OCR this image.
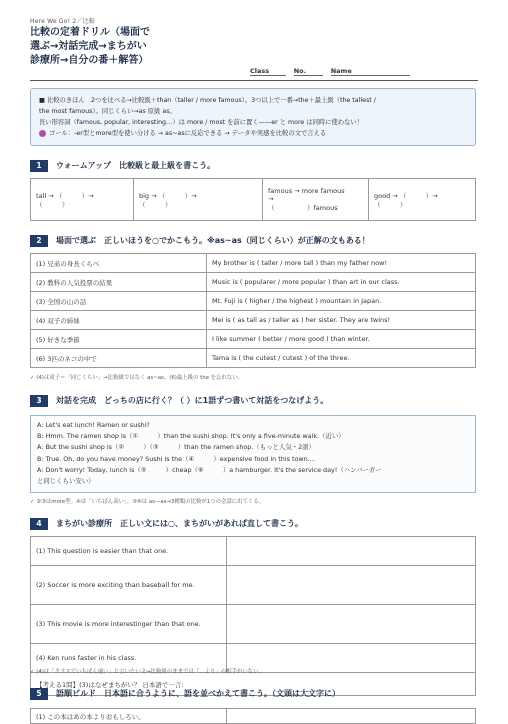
Here We Go! 2／比較
比較の定着ドリル（場面で
選ぶ→対話完成→まちがい
診療所→自分の番＋解答）
Class	No.	Name
■ 比較のきほん　2つを比べる→比較級＋than（taller / more famous）。3つ以上で一番→the＋最上級（the tallest /
the most famous）。同じくらい→as 原級 as。
長い形容詞（famous, popular, interesting…）は more / most を前に置く——er と more は同時に使わない！
ゴール：-er型とmore型を使い分ける → as~asに反応できる → データや実感を比較の文で言える
1 ウォームアップ　比較級と最上級を書こう。
tall → （　　　）→
（　　　）

big → （　　　）→
（　　　）

famous → more famous
→
（　　　　　）famous

good → （　　　）→
（　　　）
2 場面で選ぶ　正しいほうを○でかこもう。※as~as（同じくらい）が正解の文もある！
(1) 兄弟の身長くらべ	My brother is ( taller / more tall ) than my father now!
(2) 教科の人気投票の結果	Music is ( popularer / more popular ) than art in our class.
(3) 全国の山の話	Mt. Fuji is ( higher / the highest ) mountain in Japan.
(4) 双子の姉妹	Mei is ( as tall as / taller as ) her sister. They are twins!
(5) 好きな季節	I like summer ( better / more good ) than winter.
(6) 3匹のネコの中で	Tama is ( the cutest / cutest ) of the three.
✓ (4)は双子＝「同じくらい」→比較級ではなく as~as。(6)最上級の the を忘れない。
3 対話を完成　どっちの店に行く？（ ）に1語ずつ書いて対話をつなげよう。
A: Let's eat lunch! Ramen or sushi?
B: Hmm. The ramen shop is（①　　　）than the sushi shop. It's only a five-minute walk.（近い）
A: But the sushi shop is（②　　　）（③　　　）than the ramen shop.（もっと人気・2語）
B: True. Oh, do you have money? Sushi is the（④　　　）expensive food in this town....
A: Don't worry! Today, lunch is（⑤　　　）cheap（⑥　　　）a hamburger. It's the service day!（ハンバーガー
と同じくらい安い）
✓ ②③はmore型。④は「いちばん高い」。⑤⑥は as—as→3種類の比較が1つの会話に出てくる。
4 まちがい診療所　正しい文には○、まちがいがあれば直して書こう。
(1) This question is easier than that one.	
(2) Soccer is more exciting than baseball for me.	
(3) This movie is more interestinger than that one.	
(4) Ken runs faster in his class.	
【考える1問】(3)はなぜまちがい？ 日本語で一言:	
✓ (4)は「クラスでいちばん速い」と言いたい文→比較級のままでは「…より」の相手がいない。
5 語順ビルド　日本語に合うように、語を並べかえて書こう。（文頭は大文字に）
(1) この本はあの本よりおもしろい。	
